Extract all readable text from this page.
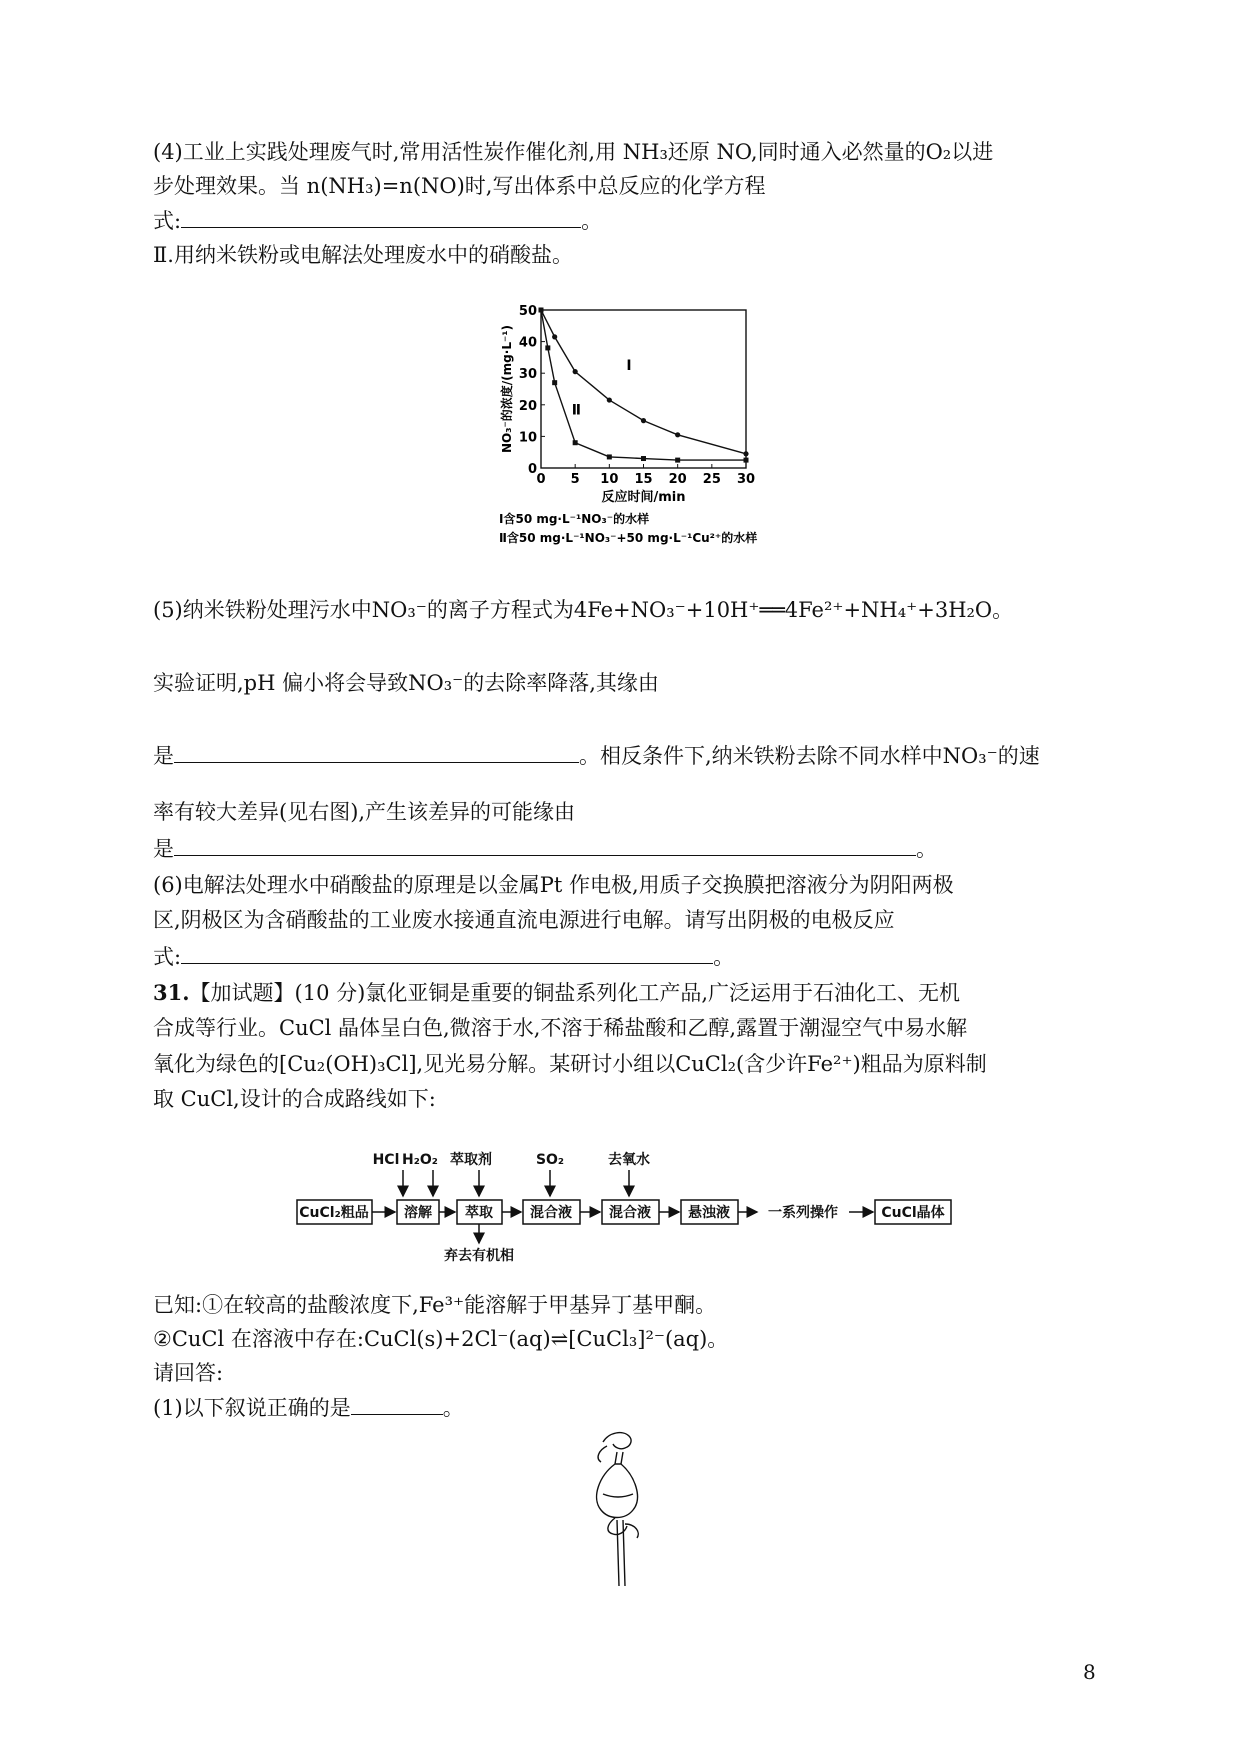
(4)工业上实践处理废气时,常用活性炭作催化剂,用 NH₃还原 NO,同时通入必然量的O₂以进
步处理效果。当 n(NH₃)=n(NO)时,写出体系中总反应的化学方程
式:	。
Ⅱ.用纳米铁粉或电解法处理废水中的硝酸盐。
0 5 10 15 20 25 30
0
10
20
30
40
50
反应时间/min
NO₃⁻的浓度/(mg·L⁻¹)	Ⅰ
Ⅱ
Ⅰ含50 mg·L⁻¹NO₃⁻的水样
Ⅱ含50 mg·L⁻¹NO₃⁻+50 mg·L⁻¹Cu²⁺的水样
(5)纳米铁粉处理污水中NO₃⁻的离子方程式为4Fe+NO₃⁻+10H⁺══4Fe²⁺+NH₄⁺+3H₂O。
实验证明,pH 偏小将会导致NO₃⁻的去除率降落,其缘由
是	。相反条件下,纳米铁粉去除不同水样中NO₃⁻的速
率有较大差异(见右图),产生该差异的可能缘由
是	。
(6)电解法处理水中硝酸盐的原理是以金属Pt 作电极,用质子交换膜把溶液分为阴阳两极
区,阴极区为含硝酸盐的工业废水接通直流电源进行电解。请写出阴极的电极反应
式:	。
31.【加试题】(10 分)氯化亚铜是重要的铜盐系列化工产品,广泛运用于石油化工、无机
合成等行业。CuCl 晶体呈白色,微溶于水,不溶于稀盐酸和乙醇,露置于潮湿空气中易水解
氧化为绿色的[Cu₂(OH)₃Cl],见光易分解。某研讨小组以CuCl₂(含少许Fe²⁺)粗品为原料制
取 CuCl,设计的合成路线如下:
HCl H₂O₂ 萃取剂	SO₂	去氧水
CuCl₂粗品	溶解 萃取	混合液	混合液	悬浊液	一系列操作	CuCl晶体
弃去有机相
已知:①在较高的盐酸浓度下,Fe³⁺能溶解于甲基异丁基甲酮。
②CuCl 在溶液中存在:CuCl(s)+2Cl⁻(aq)⇌[CuCl₃]²⁻(aq)。
请回答:
(1)以下叙说正确的是	。
8
